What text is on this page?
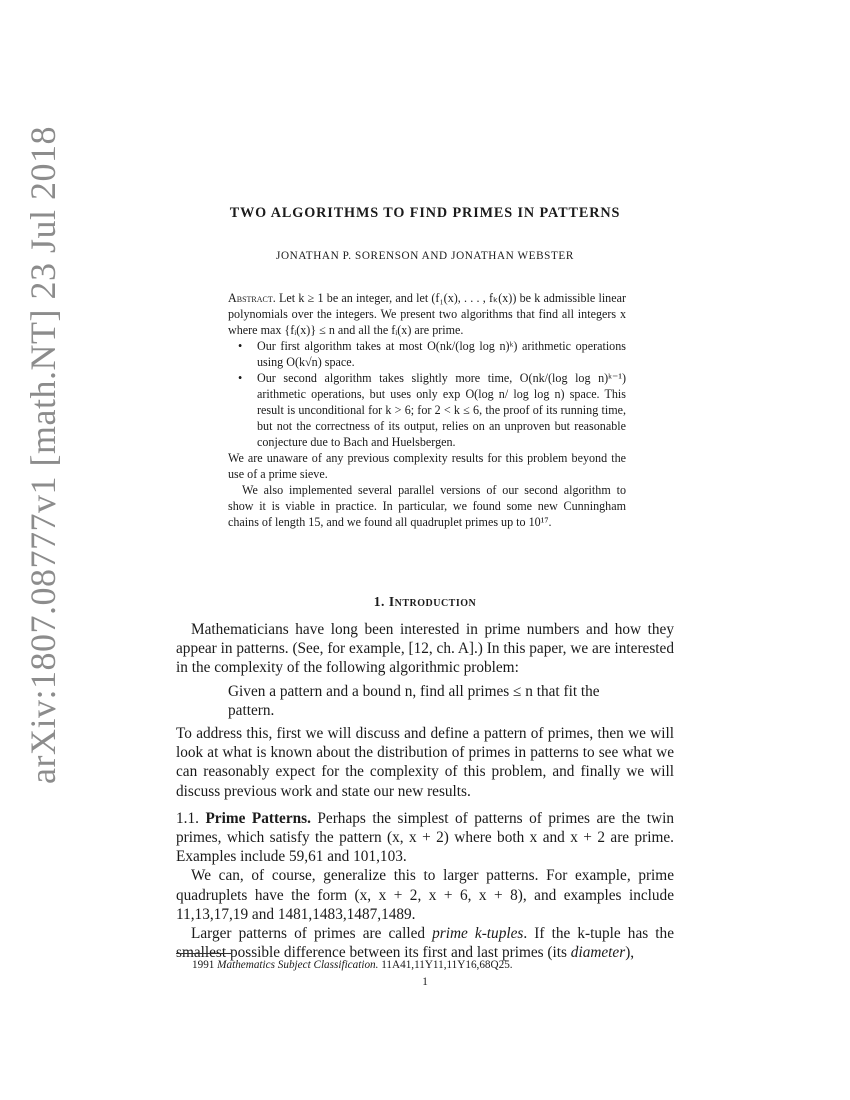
arXiv:1807.08777v1 [math.NT] 23 Jul 2018	TWO ALGORITHMS TO FIND PRIMES IN PATTERNS
JONATHAN P. SORENSON AND JONATHAN WEBSTER

Abstract. Let k ≥ 1 be an integer, and let (f₁(x), . . . , fₖ(x)) be k admissible linear polynomials over the integers. We present two algorithms that find all integers x where max {fᵢ(x)} ≤ n and all the fᵢ(x) are prime.

• Our first algorithm takes at most O(nk/(log log n)ᵏ) arithmetic operations using O(k√n) space.
• Our second algorithm takes slightly more time, O(nk/(log log n)ᵏ⁻¹) arithmetic operations, but uses only exp O(log n/ log log n) space. This result is unconditional for k > 6; for 2 < k ≤ 6, the proof of its running time, but not the correctness of its output, relies on an unproven but reasonable conjecture due to Bach and Huelsbergen.

We are unaware of any previous complexity results for this problem beyond the use of a prime sieve.

We also implemented several parallel versions of our second algorithm to show it is viable in practice. In particular, we found some new Cunningham chains of length 15, and we found all quadruplet primes up to 10¹⁷.

1. Introduction

Mathematicians have long been interested in prime numbers and how they appear in patterns. (See, for example, [12, ch. A].) In this paper, we are interested in the complexity of the following algorithmic problem:

Given a pattern and a bound n, find all primes ≤ n that fit the pattern.

To address this, first we will discuss and define a pattern of primes, then we will look at what is known about the distribution of primes in patterns to see what we can reasonably expect for the complexity of this problem, and finally we will discuss previous work and state our new results.

1.1. Prime Patterns. Perhaps the simplest of patterns of primes are the twin primes, which satisfy the pattern (x, x + 2) where both x and x + 2 are prime. Examples include 59,61 and 101,103.

We can, of course, generalize this to larger patterns. For example, prime quadruplets have the form (x, x + 2, x + 6, x + 8), and examples include 11,13,17,19 and 1481,1483,1487,1489.

Larger patterns of primes are called prime k-tuples. If the k-tuple has the smallest possible difference between its first and last primes (its diameter),

1991 Mathematics Subject Classification. 11A41,11Y11,11Y16,68Q25.

1
